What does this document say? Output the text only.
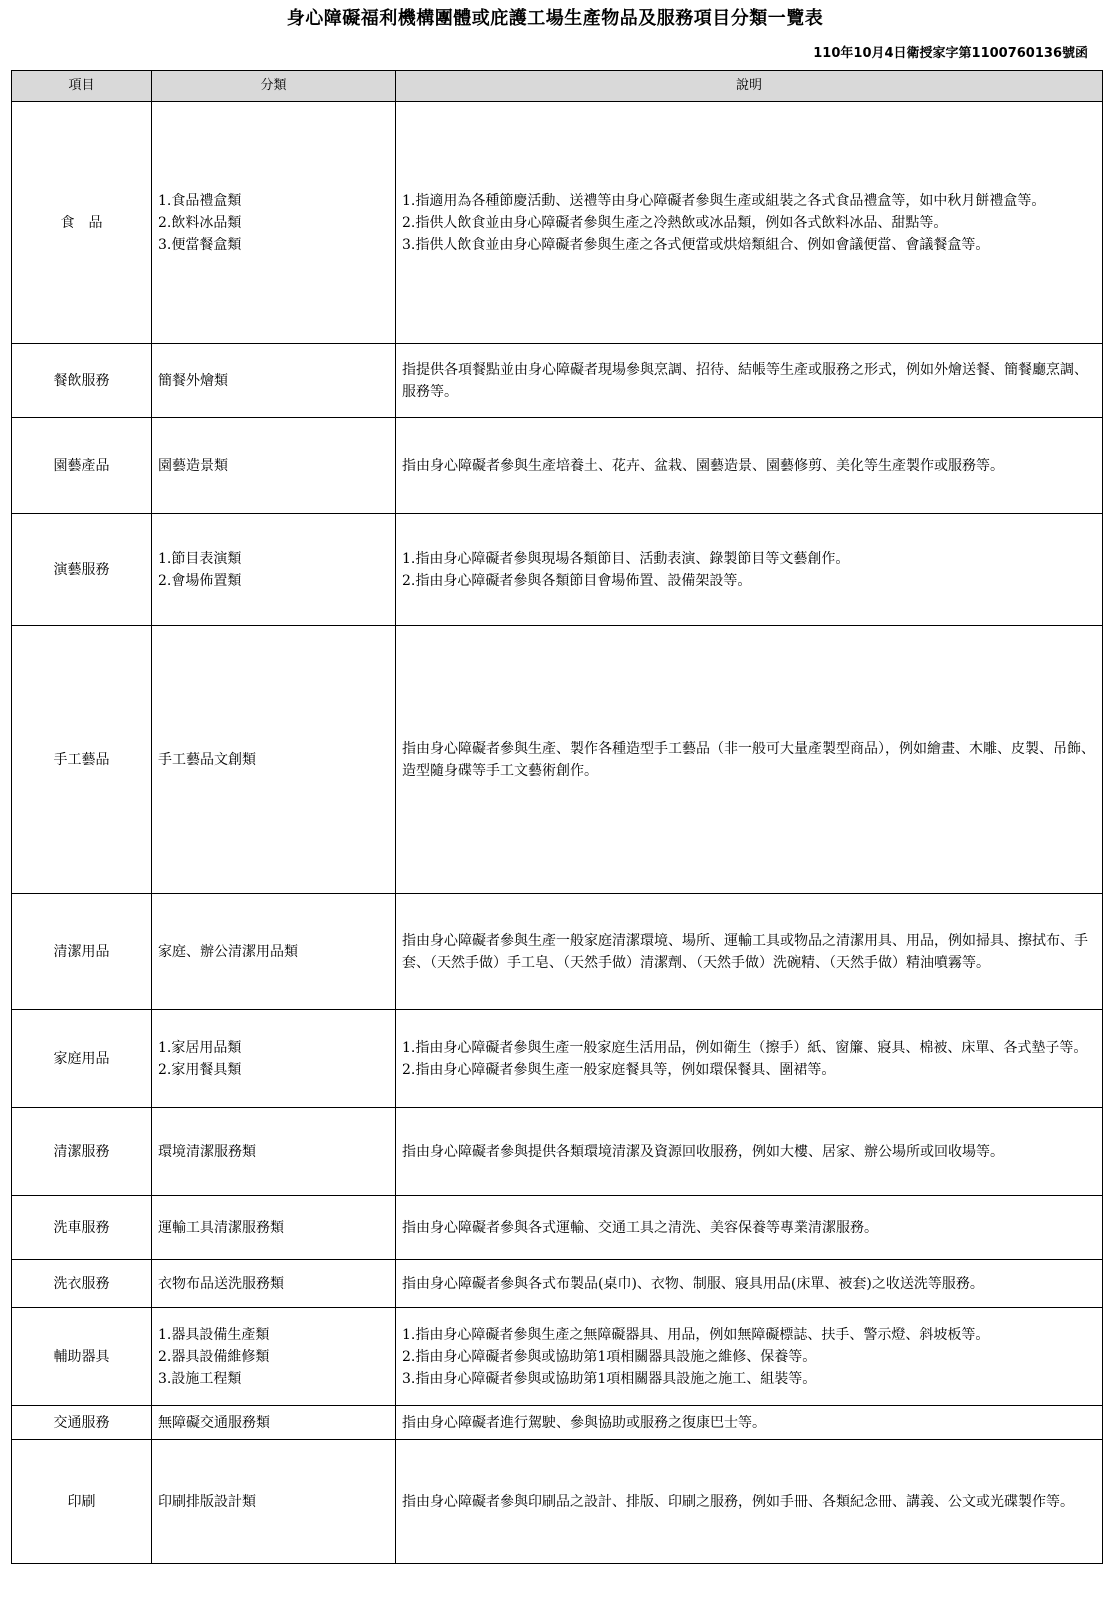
身心障礙福利機構團體或庇護工場生產物品及服務項目分類一覽表
110年10月4日衛授家字第1100760136號函
項目	分類	說明
食　品	1.食品禮盒類
2.飲料冰品類
3.便當餐盒類	1.指適用為各種節慶活動、送禮等由身心障礙者參與生產或組裝之各式食品禮盒等，如中秋月餅禮盒等。
2.指供人飲食並由身心障礙者參與生產之冷熱飲或冰品類，例如各式飲料冰品、甜點等。
3.指供人飲食並由身心障礙者參與生產之各式便當或烘焙類組合、例如會議便當、會議餐盒等。

餐飲服務	簡餐外燴類	指提供各項餐點並由身心障礙者現場參與烹調、招待、結帳等生產或服務之形式，例如外燴送餐、簡餐廳烹調、服務等。

園藝產品	園藝造景類	指由身心障礙者參與生產培養土、花卉、盆栽、園藝造景、園藝修剪、美化等生產製作或服務等。

演藝服務	1.節目表演類
2.會場佈置類	1.指由身心障礙者參與現場各類節目、活動表演、錄製節目等文藝創作。
2.指由身心障礙者參與各類節目會場佈置、設備架設等。

手工藝品	手工藝品文創類	指由身心障礙者參與生產、製作各種造型手工藝品（非一般可大量產製型商品），例如繪畫、木雕、皮製、吊飾、造型隨身碟等手工文藝術創作。

清潔用品	家庭、辦公清潔用品類	指由身心障礙者參與生產一般家庭清潔環境、場所、運輸工具或物品之清潔用具、用品，例如掃具、擦拭布、手套、（天然手做）手工皂、（天然手做）清潔劑、（天然手做）洗碗精、（天然手做）精油噴霧等。

家庭用品	1.家居用品類
2.家用餐具類	1.指由身心障礙者參與生產一般家庭生活用品，例如衛生（擦手）紙、窗簾、寢具、棉被、床單、各式墊子等。
2.指由身心障礙者參與生產一般家庭餐具等，例如環保餐具、圍裙等。

清潔服務	環境清潔服務類	指由身心障礙者參與提供各類環境清潔及資源回收服務，例如大樓、居家、辦公場所或回收場等。

洗車服務	運輸工具清潔服務類	指由身心障礙者參與各式運輸、交通工具之清洗、美容保養等專業清潔服務。

洗衣服務	衣物布品送洗服務類	指由身心障礙者參與各式布製品(桌巾)、衣物、制服、寢具用品(床單、被套)之收送洗等服務。

輔助器具	1.器具設備生產類
2.器具設備維修類
3.設施工程類	1.指由身心障礙者參與生產之無障礙器具、用品，例如無障礙標誌、扶手、警示燈、斜坡板等。
2.指由身心障礙者參與或協助第1項相關器具設施之維修、保養等。
3.指由身心障礙者參與或協助第1項相關器具設施之施工、組裝等。

交通服務	無障礙交通服務類	指由身心障礙者進行駕駛、參與協助或服務之復康巴士等。

印刷	印刷排版設計類	指由身心障礙者參與印刷品之設計、排版、印刷之服務，例如手冊、各類紀念冊、講義、公文或光碟製作等。
